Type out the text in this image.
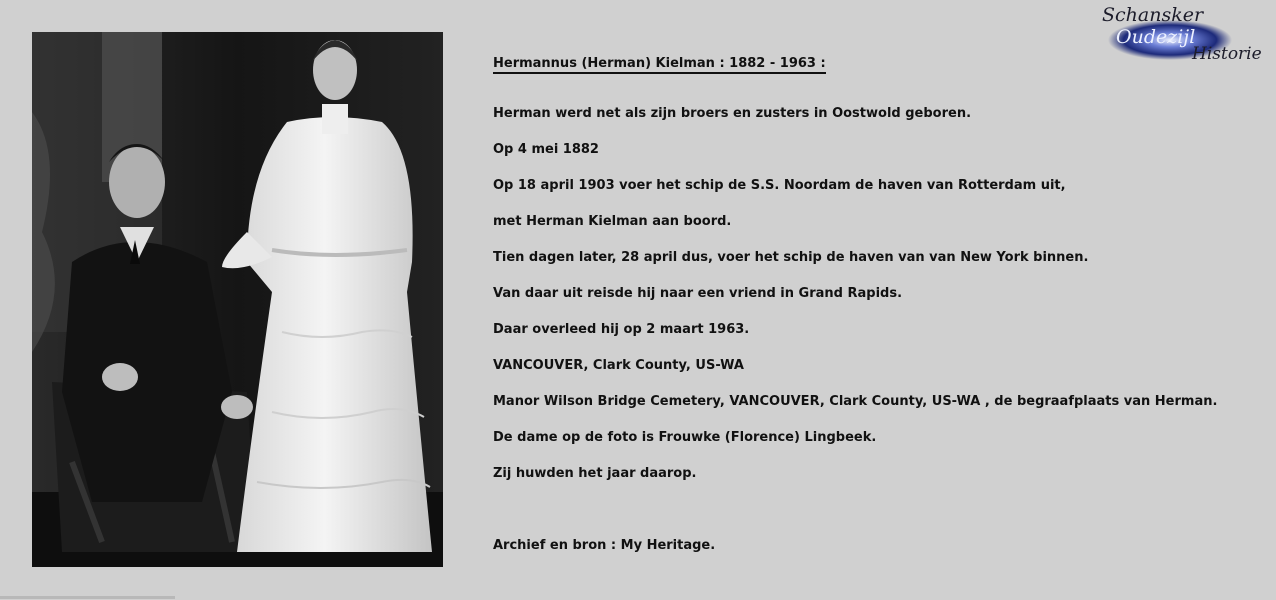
Schansker
Oudezijl
Historie
Hermannus (Herman) Kielman : 1882 - 1963 :
Herman werd net als zijn broers en zusters in Oostwold geboren.
Op 4 mei 1882
Op 18 april 1903 voer het schip de S.S. Noordam de haven van Rotterdam uit,
met Herman Kielman aan boord.
Tien dagen later, 28 april dus, voer het schip de haven van van New York binnen.
Van daar uit reisde hij naar een vriend in Grand Rapids.
Daar overleed hij op 2 maart 1963.
VANCOUVER, Clark County, US-WA
Manor Wilson Bridge Cemetery, VANCOUVER, Clark County, US-WA , de begraafplaats van Herman.
De dame op de foto is Frouwke (Florence) Lingbeek.
Zij huwden het jaar daarop.
Archief en bron : My Heritage.
